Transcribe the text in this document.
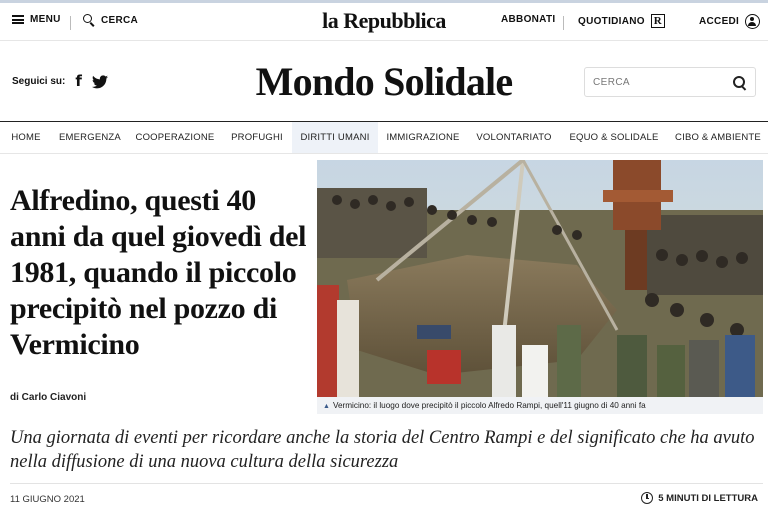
MENU	CERCA	la Repubblica	ABBONATI QUOTIDIANO R	ACCEDI
Seguici su: f	Mondo Solidale
CERCA
HOME	EMERGENZA	COOPERAZIONE	PROFUGHI	DIRITTI UMANI	IMMIGRAZIONE	VOLONTARIATO	EQUO & SOLIDALE	CIBO & AMBIENTE
Alfredino, questi 40 anni da quel giovedì del 1981, quando il piccolo precipitò nel pozzo di Vermicino
di Carlo Ciavoni
▲ Vermicino: il luogo dove precipitò il piccolo Alfredo Rampi, quell'11 giugno di 40 anni fa

Una giornata di eventi per ricordare anche la storia del Centro Rampi e del significato che ha avuto nella diffusione di una nuova cultura della sicurezza

11 GIUGNO 2021	5 MINUTI DI LETTURA
